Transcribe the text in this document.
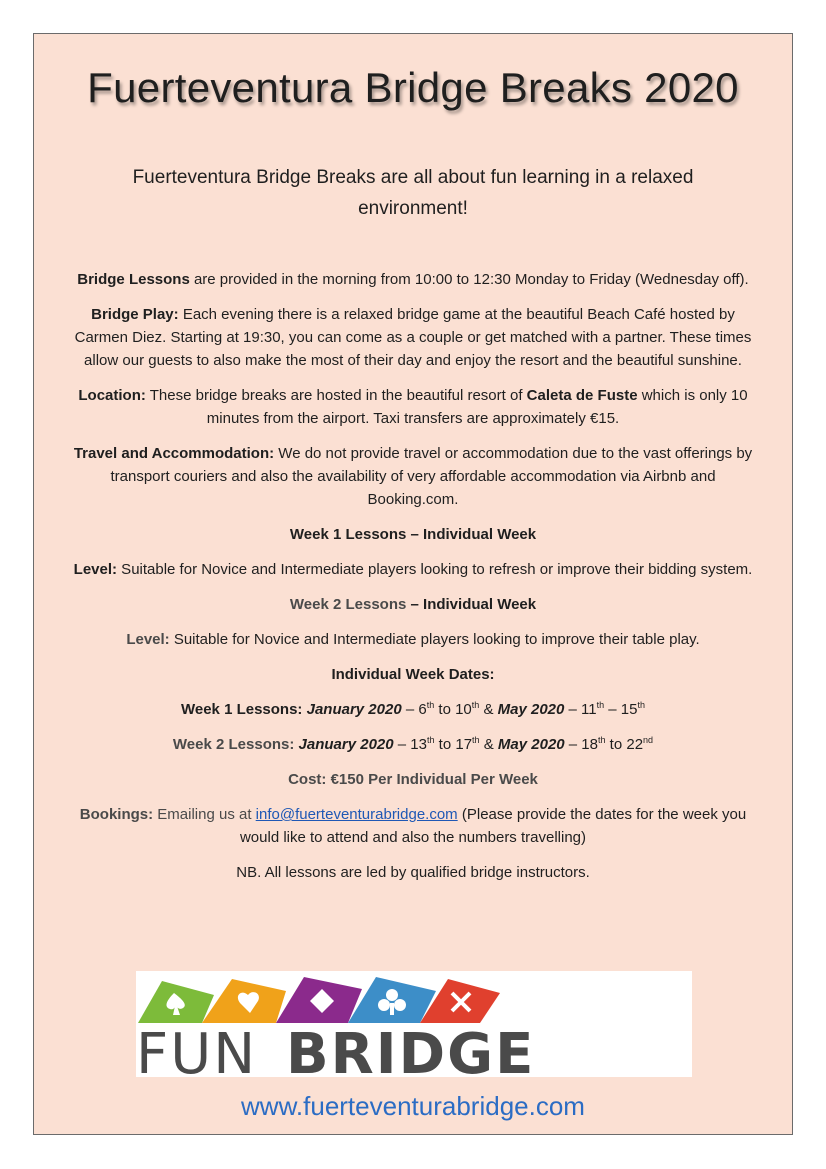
Fuerteventura Bridge Breaks 2020
Fuerteventura Bridge Breaks are all about fun learning in a relaxed environment!

Bridge Lessons are provided in the morning from 10:00 to 12:30 Monday to Friday (Wednesday off).

Bridge Play: Each evening there is a relaxed bridge game at the beautiful Beach Café hosted by Carmen Diez. Starting at 19:30, you can come as a couple or get matched with a partner. These times allow our guests to also make the most of their day and enjoy the resort and the beautiful sunshine.

Location: These bridge breaks are hosted in the beautiful resort of Caleta de Fuste which is only 10 minutes from the airport. Taxi transfers are approximately €15.

Travel and Accommodation: We do not provide travel or accommodation due to the vast offerings by transport couriers and also the availability of very affordable accommodation via Airbnb and Booking.com.

Week 1 Lessons – Individual Week

Level: Suitable for Novice and Intermediate players looking to refresh or improve their bidding system.

Week 2 Lessons – Individual Week

Level: Suitable for Novice and Intermediate players looking to improve their table play.

Individual Week Dates:

Week 1 Lessons: January 2020 – 6th to 10th & May 2020 – 11th – 15th

Week 2 Lessons: January 2020 – 13th to 17th & May 2020 – 18th to 22nd

Cost: €150 Per Individual Per Week

Bookings: Emailing us at info@fuerteventurabridge.com (Please provide the dates for the week you would like to attend and also the numbers travelling)

NB. All lessons are led by qualified bridge instructors.

FUN BRIDGE
www.fuerteventurabridge.com
